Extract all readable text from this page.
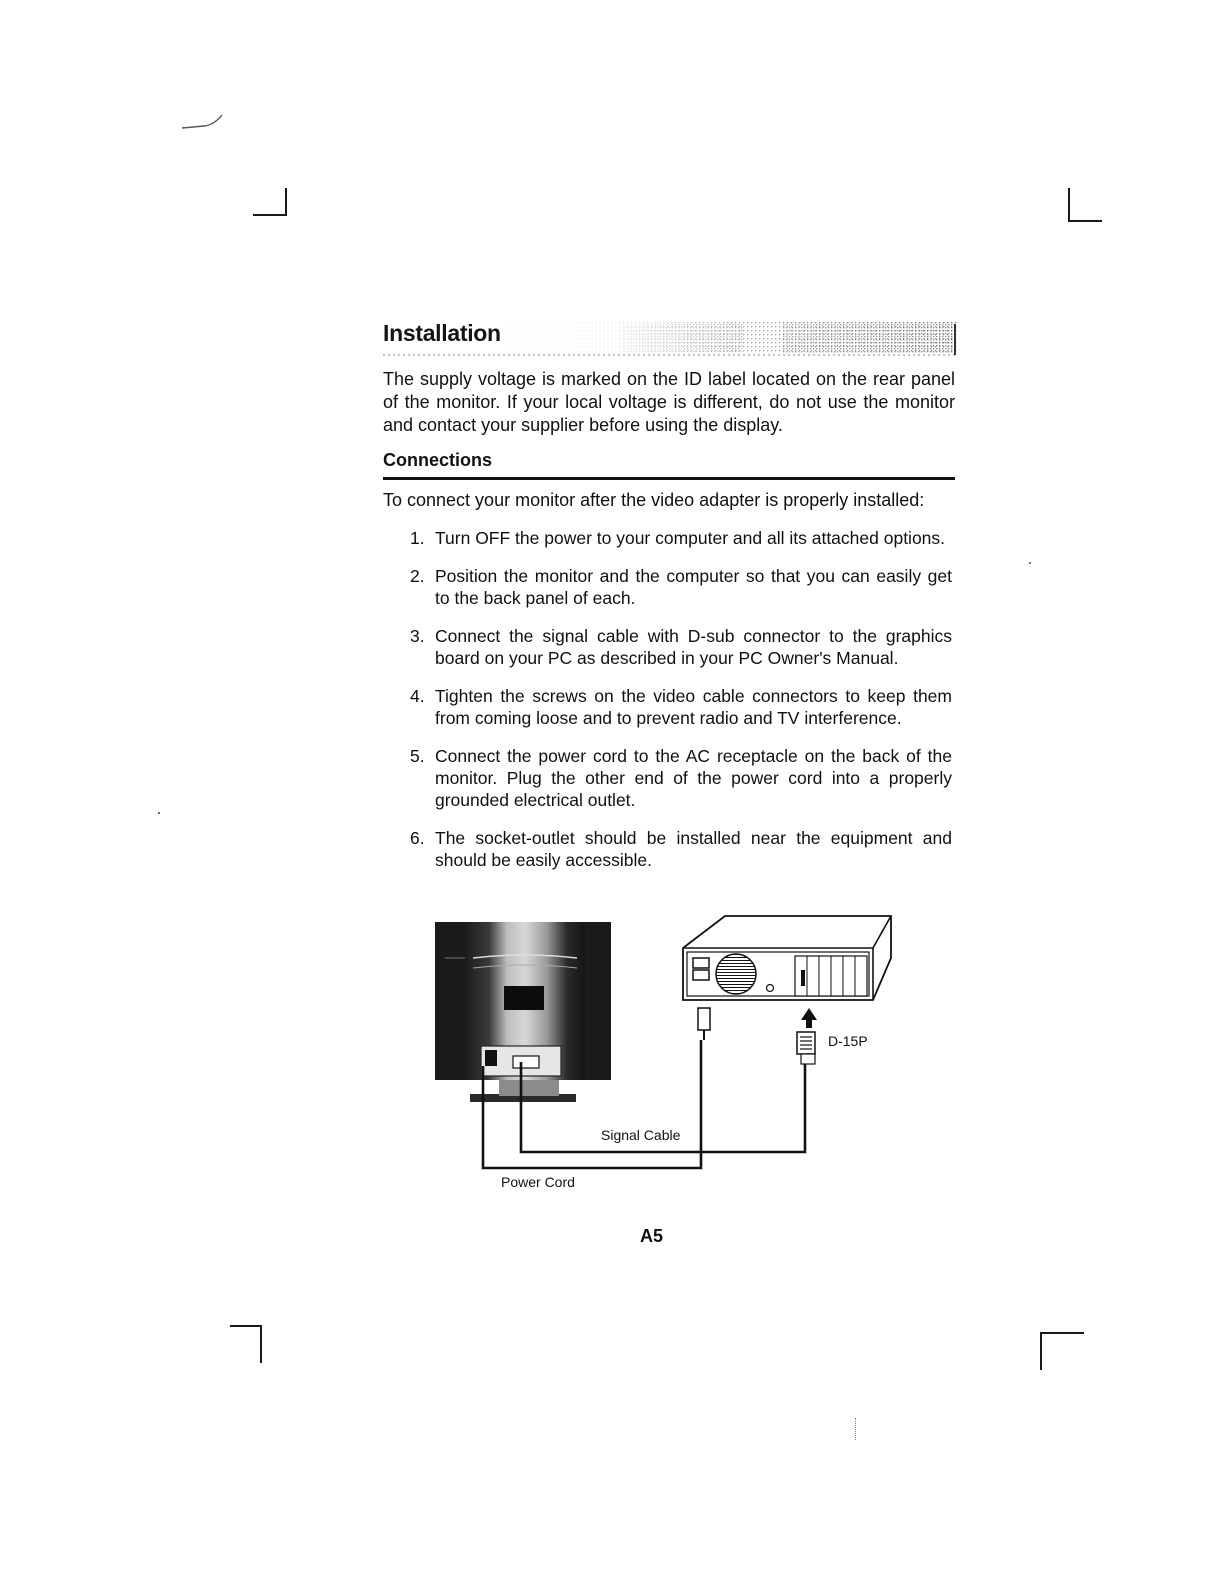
Installation

The supply voltage is marked on the ID label located on the rear panel of the monitor. If your local voltage is different, do not use the monitor and contact your supplier before using the display.

Connections

To connect your monitor after the video adapter is properly installed:

1. Turn OFF the power to your computer and all its attached options.
2. Position the monitor and the computer so that you can easily get to the back panel of each.
3. Connect the signal cable with D-sub connector to the graphics board on your PC as described in your PC Owner's Manual.
4. Tighten the screws on the video cable connectors to keep them from coming loose and to prevent radio and TV interference.
5. Connect the power cord to the AC receptacle on the back of the monitor. Plug the other end of the power cord into a properly grounded electrical outlet.
6. The socket-outlet should be installed near the equipment and should be easily accessible.
D-15P
Signal Cable
Power Cord
A5
